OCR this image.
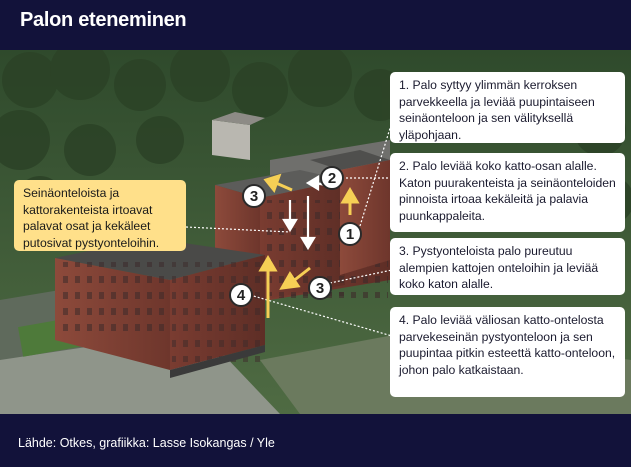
Palon eteneminen
Seinäonteloista ja kattorakenteista irtoavat palavat osat ja kekäleet putosivat pystyonteloihin.
1. Palo syttyy ylimmän kerroksen parvekkeella ja leviää puupintaiseen seinäonteloon ja sen välityksellä yläpohjaan.
2. Palo leviää koko katto-osan alalle. Katon puurakenteista ja seinäonteloiden pinnoista irtoaa kekäleitä ja palavia puunkappaleita.
3. Pystyonteloista palo pureutuu alempien kattojen onteloihin ja leviää koko katon alalle.
4. Palo leviää väliosan katto-ontelosta parvekeseinän pystyonteloon ja sen puupintaa pitkin esteettä katto-onteloon, johon palo katkaistaan.
1
2
3
3
4
Lähde: Otkes, grafiikka: Lasse Isokangas / Yle
